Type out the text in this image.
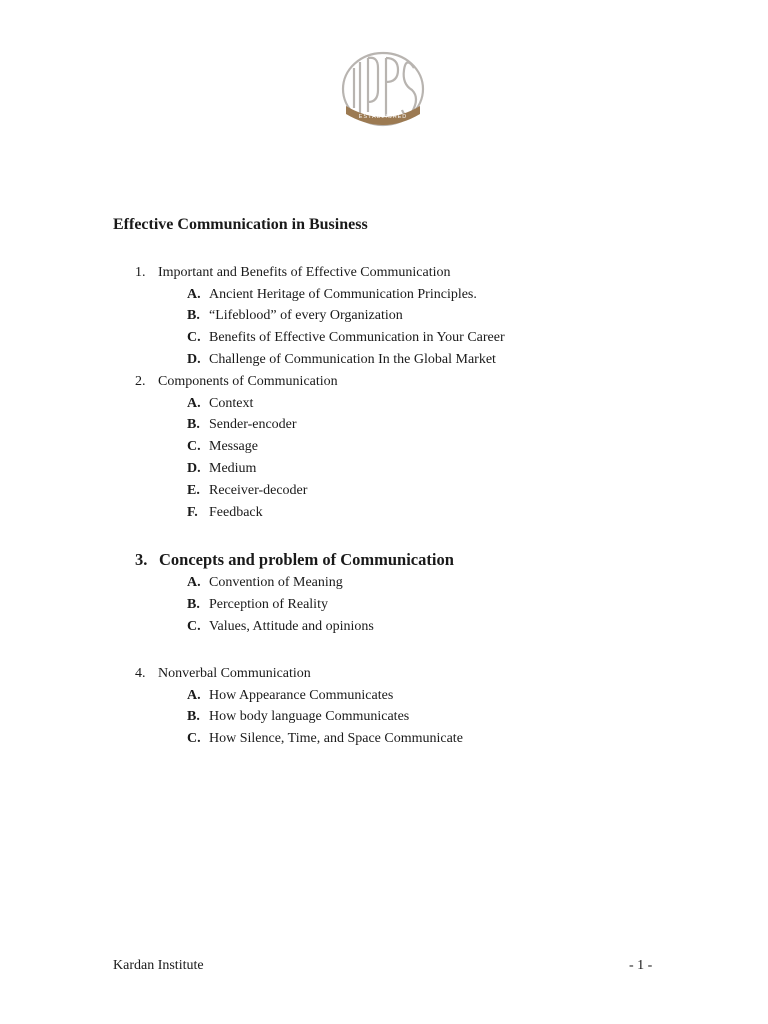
ESTABLISHED
Effective Communication in Business
1. Important and Benefits of Effective Communication
A. Ancient Heritage of Communication Principles.
B. “Lifeblood” of every Organization
C. Benefits of Effective Communication in Your Career
D. Challenge of Communication In the Global Market
2. Components of Communication
A. Context
B. Sender-encoder
C. Message
D. Medium
E. Receiver-decoder
F. Feedback
3. Concepts and problem of Communication
A. Convention of Meaning
B. Perception of Reality
C. Values, Attitude and opinions
4. Nonverbal Communication
A. How Appearance Communicates
B. How body language Communicates
C. How Silence, Time, and Space Communicate
Kardan Institute	- 1 -
